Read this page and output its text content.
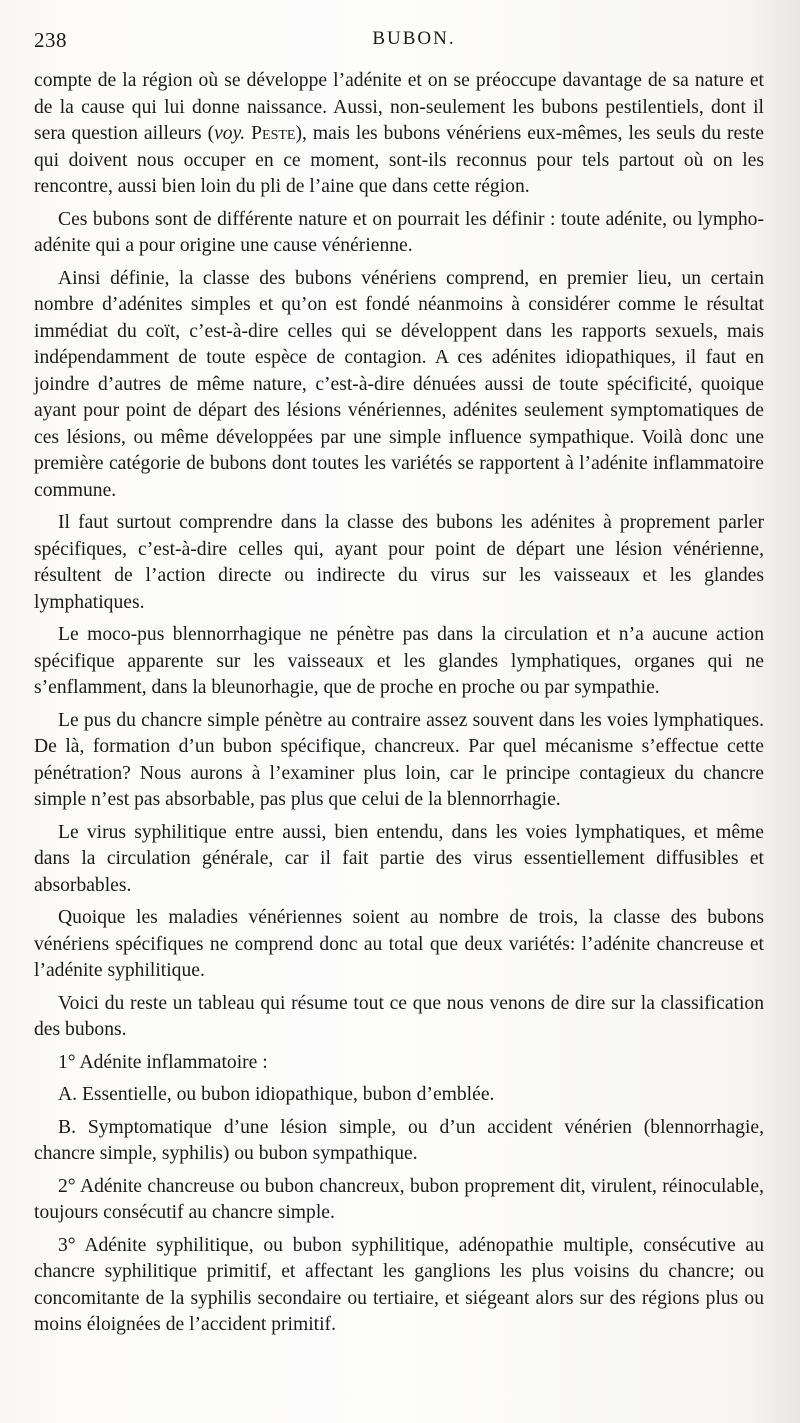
238	BUBON.

compte de la région où se développe l’adénite et on se préoccupe davantage de sa nature et de la cause qui lui donne naissance. Aussi, non-seulement les bubons pestilentiels, dont il sera question ailleurs (voy. Peste), mais les bubons vénériens eux-mêmes, les seuls du reste qui doivent nous occuper en ce moment, sont-ils reconnus pour tels partout où on les rencontre, aussi bien loin du pli de l’aine que dans cette région.

Ces bubons sont de différente nature et on pourrait les définir : toute adénite, ou lympho-adénite qui a pour origine une cause vénérienne.

Ainsi définie, la classe des bubons vénériens comprend, en premier lieu, un certain nombre d’adénites simples et qu’on est fondé néanmoins à considérer comme le résultat immédiat du coït, c’est-à-dire celles qui se développent dans les rapports sexuels, mais indépendamment de toute espèce de contagion. A ces adénites idiopathiques, il faut en joindre d’autres de même nature, c’est-à-dire dénuées aussi de toute spécificité, quoique ayant pour point de départ des lésions vénériennes, adénites seulement symptomatiques de ces lésions, ou même développées par une simple influence sympathique. Voilà donc une première catégorie de bubons dont toutes les variétés se rapportent à l’adénite inflammatoire commune.

Il faut surtout comprendre dans la classe des bubons les adénites à proprement parler spécifiques, c’est-à-dire celles qui, ayant pour point de départ une lésion vénérienne, résultent de l’action directe ou indirecte du virus sur les vaisseaux et les glandes lymphatiques.

Le moco-pus blennorrhagique ne pénètre pas dans la circulation et n’a aucune action spécifique apparente sur les vaisseaux et les glandes lymphatiques, organes qui ne s’enflamment, dans la bleunorhagie, que de proche en proche ou par sympathie.

Le pus du chancre simple pénètre au contraire assez souvent dans les voies lymphatiques. De là, formation d’un bubon spécifique, chancreux. Par quel mécanisme s’effectue cette pénétration? Nous aurons à l’examiner plus loin, car le principe contagieux du chancre simple n’est pas absorbable, pas plus que celui de la blennorrhagie.

Le virus syphilitique entre aussi, bien entendu, dans les voies lymphatiques, et même dans la circulation générale, car il fait partie des virus essentiellement diffusibles et absorbables.

Quoique les maladies vénériennes soient au nombre de trois, la classe des bubons vénériens spécifiques ne comprend donc au total que deux variétés: l’adénite chancreuse et l’adénite syphilitique.

Voici du reste un tableau qui résume tout ce que nous venons de dire sur la classification des bubons.

1° Adénite inflammatoire :

A. Essentielle, ou bubon idiopathique, bubon d’emblée.

B. Symptomatique d’une lésion simple, ou d’un accident vénérien (blennorrhagie, chancre simple, syphilis) ou bubon sympathique.

2° Adénite chancreuse ou bubon chancreux, bubon proprement dit, virulent, réinoculable, toujours consécutif au chancre simple.

3° Adénite syphilitique, ou bubon syphilitique, adénopathie multiple, consécutive au chancre syphilitique primitif, et affectant les ganglions les plus voisins du chancre; ou concomitante de la syphilis secondaire ou tertiaire, et siégeant alors sur des régions plus ou moins éloignées de l’accident primitif.
